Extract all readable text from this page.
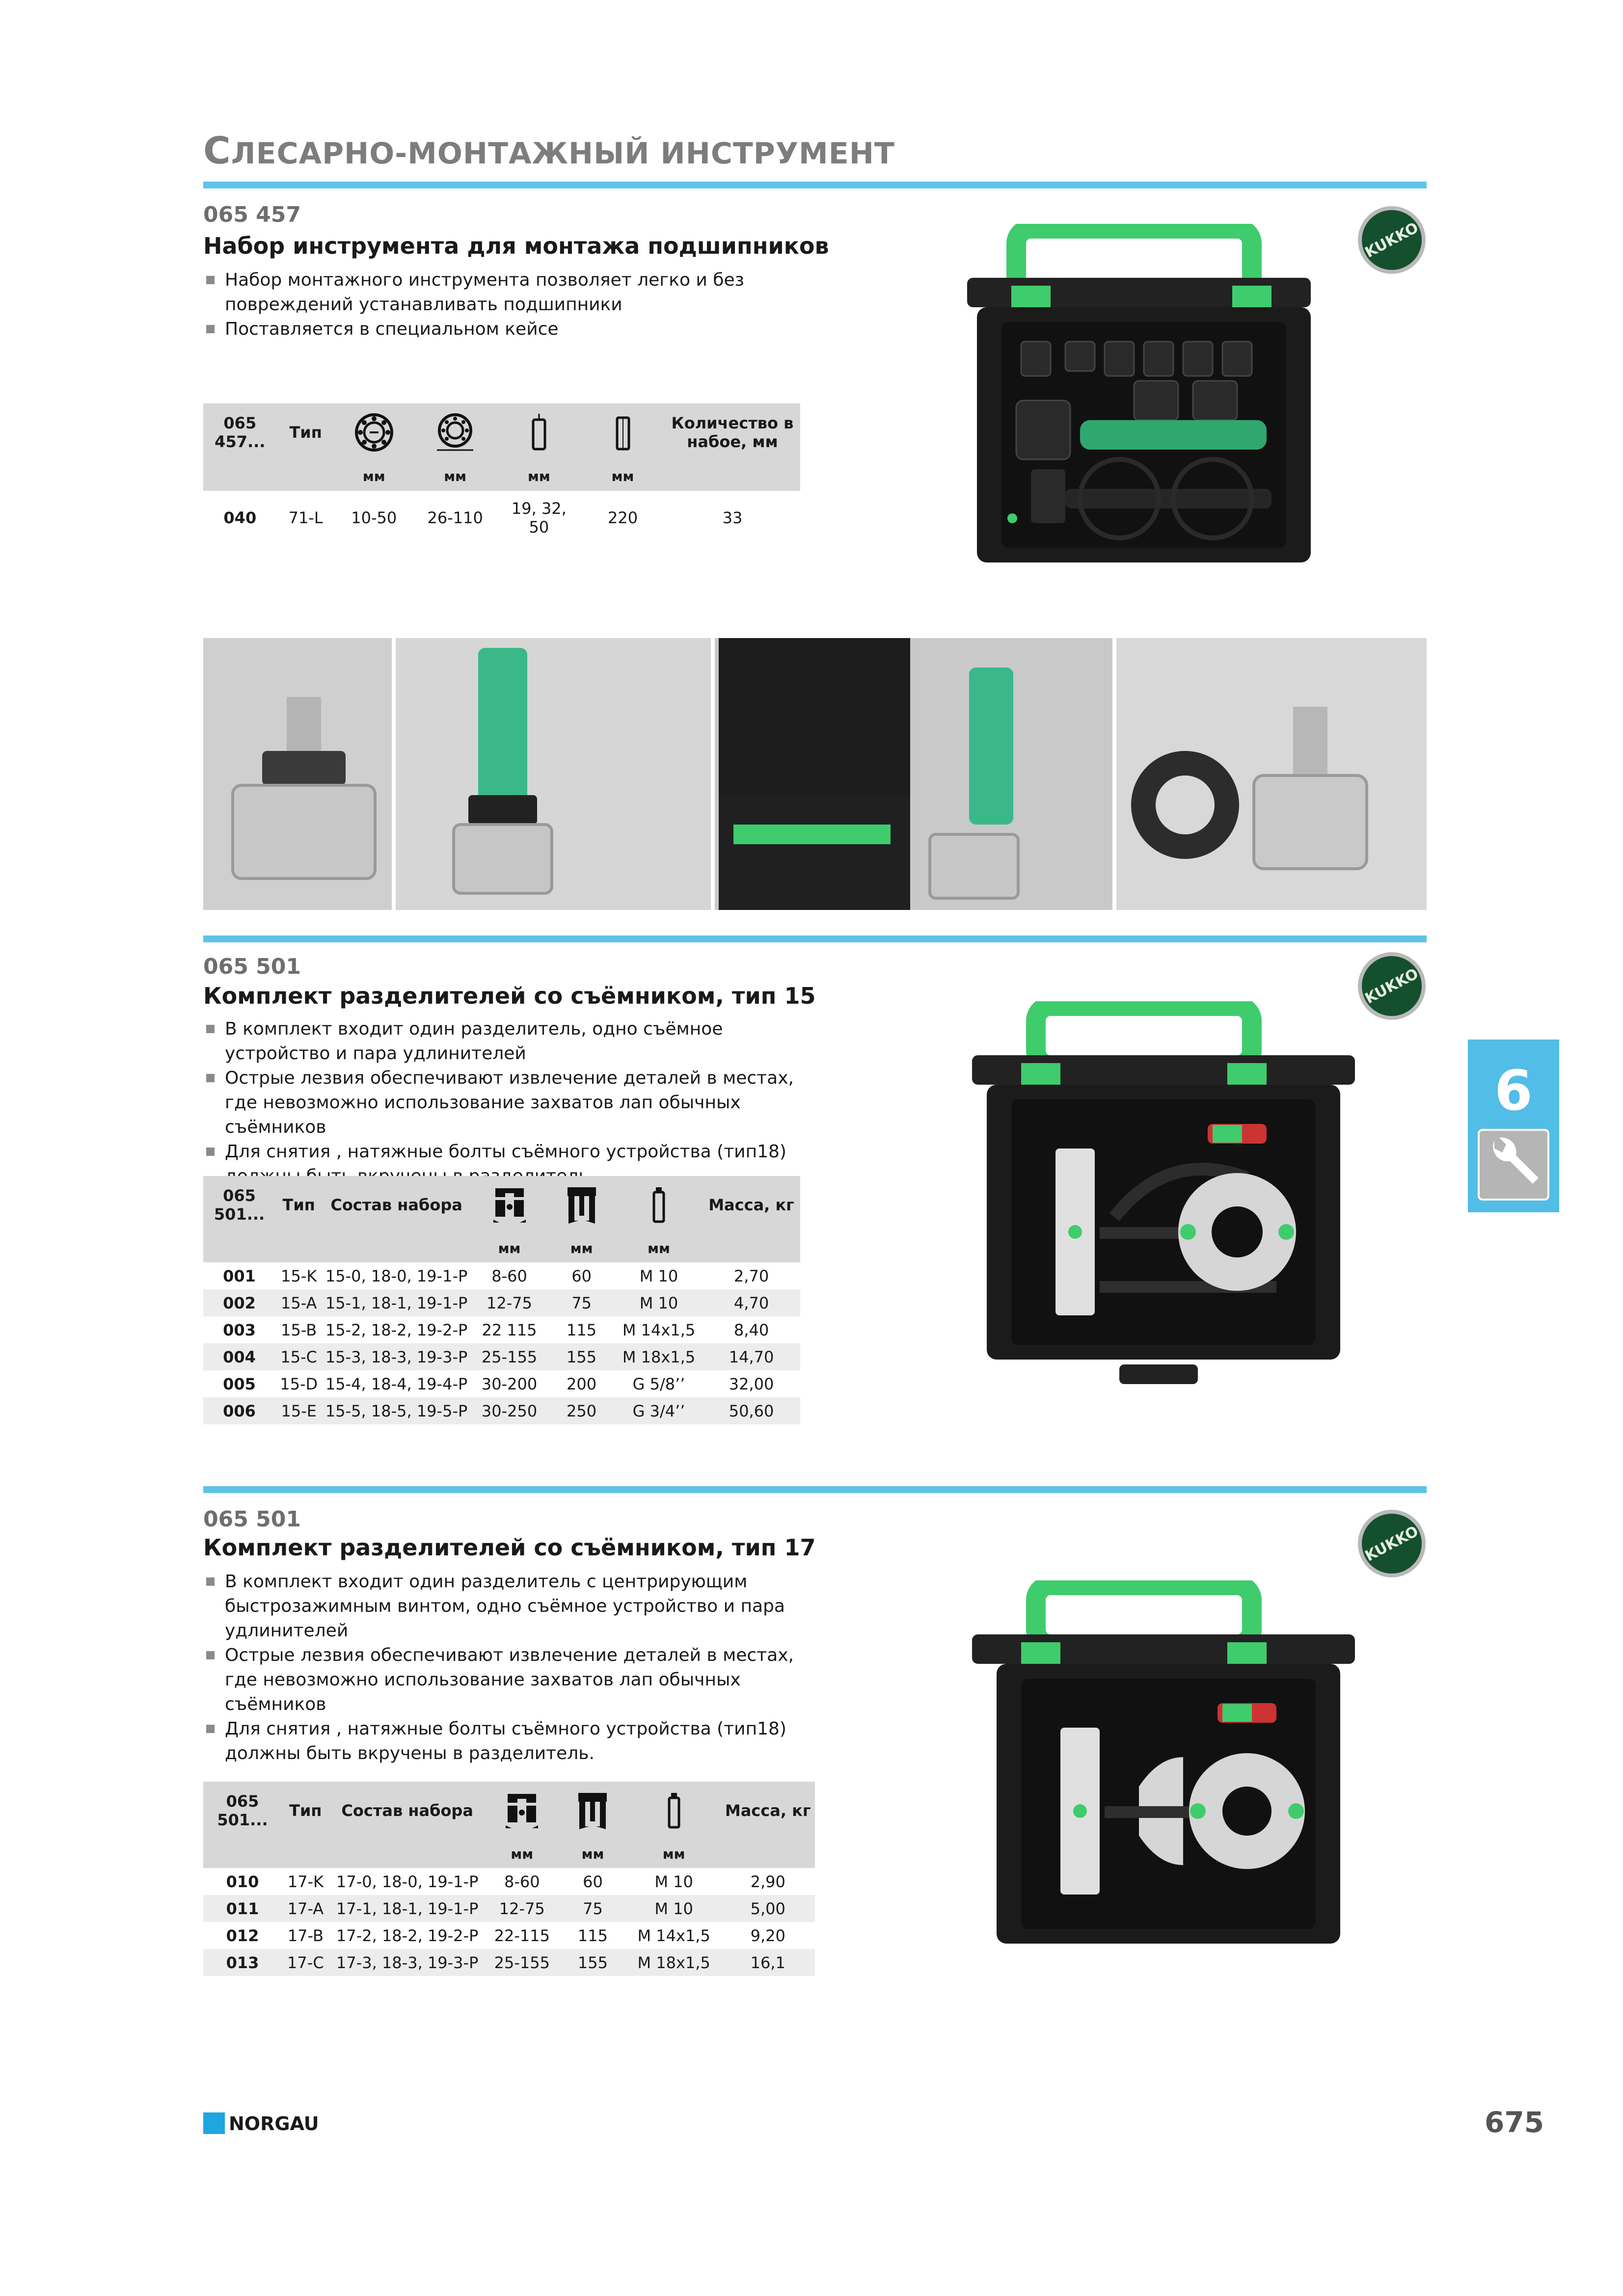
СЛЕСАРНО-МОНТАЖНЫЙ ИНСТРУМЕНТ
065 457
Набор инструмента для монтажа подшипников
Набор монтажного инструмента позволяет легко и без повреждений устанавливать подшипники
Поставляется в специальном кейсе
065 457...	Тип					Количество в набое, мм
		мм	мм	мм	мм	
040	71-L	10-50	26-110	19, 32, 50	220	33
KUKKO
065 501
Комплект разделителей со съёмником, тип 15
В комплект входит один разделитель, одно съёмное устройство и пара удлинителей
Острые лезвия обеспечивают извлечение деталей в местах, где невозможно использование захватов лап обычных съёмников
Для снятия , натяжные болты съёмного устройства (тип18)
065 501...	Тип	Состав набора				Масса, кг
			мм	мм	мм	
001	15-K	15-0, 18-0, 19-1-P	8-60	60	M 10	2,70
002	15-A	15-1, 18-1, 19-1-P	12-75	75	M 10	4,70
003	15-B	15-2, 18-2, 19-2-P	22 115	115	M 14x1,5	8,40
004	15-C	15-3, 18-3, 19-3-P	25-155	155	M 18x1,5	14,70
005	15-D	15-4, 18-4, 19-4-P	30-200	200	G 5/8’’	32,00
006	15-E	15-5, 18-5, 19-5-P	30-250	250	G 3/4’’	50,60
KUKKO
6
065 501
Комплект разделителей со съёмником, тип 17
В комплект входит один разделитель с центрирующим быстрозажимным винтом, одно съёмное устройство и пара удлинителей
Острые лезвия обеспечивают извлечение деталей в местах, где невозможно использование захватов лап обычных съёмников
Для снятия , натяжные болты съёмного устройства (тип18) должны быть вкручены в разделитель.
065 501...	Тип	Состав набора				Масса, кг
			мм	мм	мм	
010	17-K	17-0, 18-0, 19-1-P	8-60	60	M 10	2,90
011	17-A	17-1, 18-1, 19-1-P	12-75	75	M 10	5,00
012	17-B	17-2, 18-2, 19-2-P	22-115	115	M 14x1,5	9,20
013	17-C	17-3, 18-3, 19-3-P	25-155	155	M 18x1,5	16,1
KUKKO
NORGAU	675
